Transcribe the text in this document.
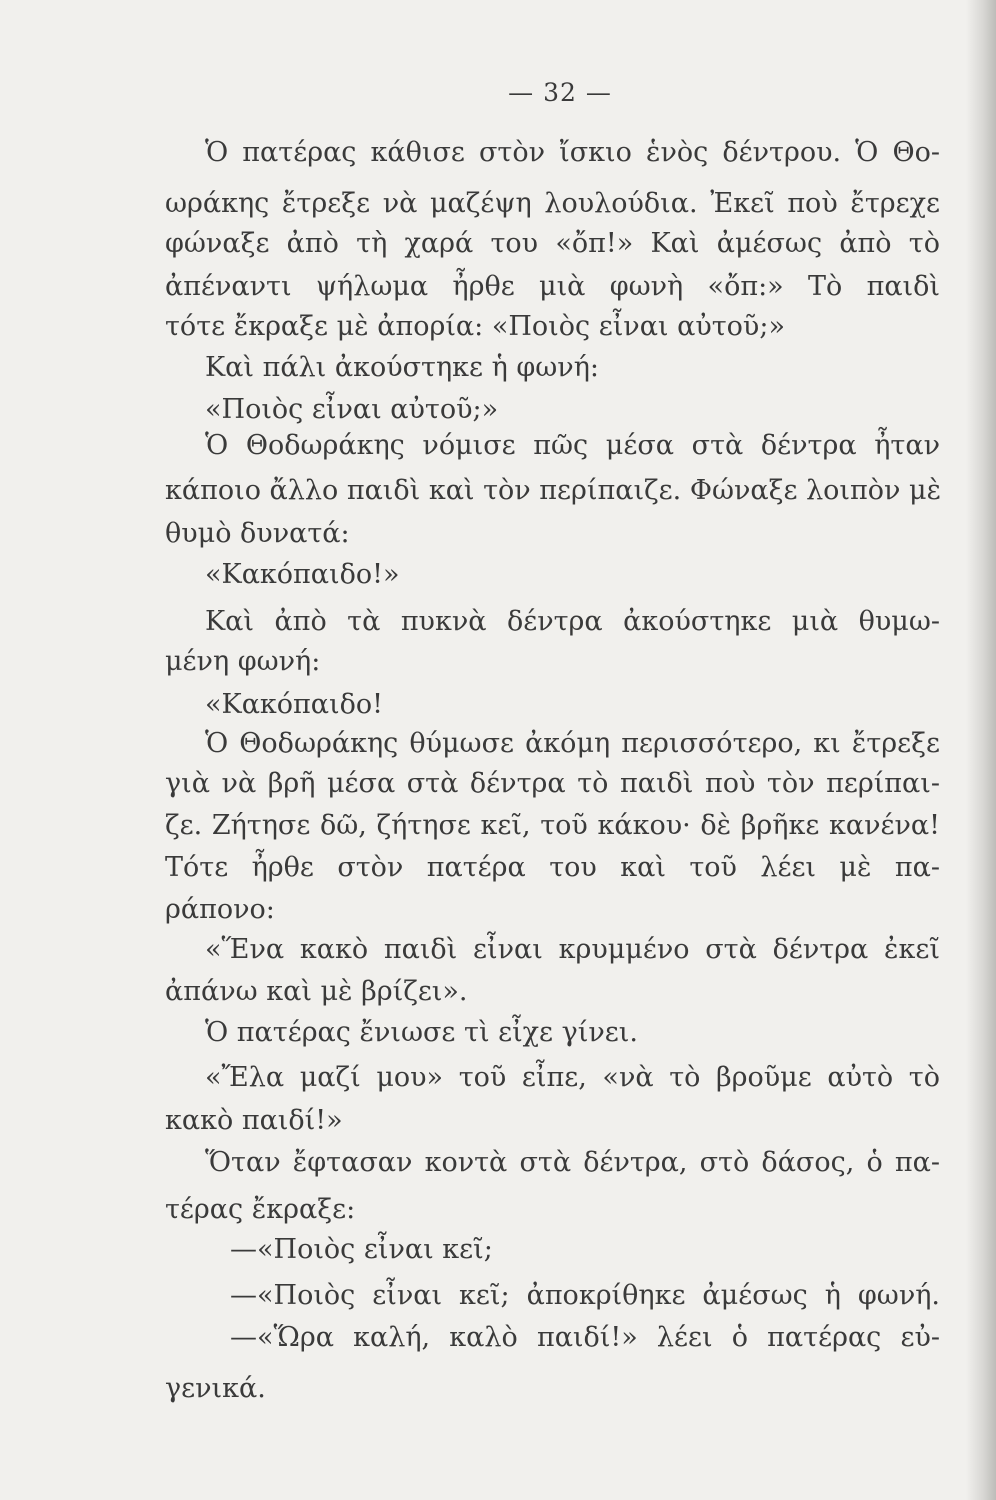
— 32 —
Ὁ πατέρας κάθισε στὸν ἴσκιο ἑνὸς δέντρου. Ὁ Θο-
ωράκης ἔτρεξε νὰ μαζέψη λουλούδια. Ἐκεῖ ποὺ ἔτρεχε
φώναξε ἀπὸ τὴ χαρά του «ὄπ!» Καὶ ἀμέσως ἀπὸ τὸ
ἀπέναντι ψήλωμα ἦρθε μιὰ φωνὴ «ὄπ:» Τὸ παιδὶ
τότε ἔκραξε μὲ ἀπορία: «Ποιὸς εἶναι αὐτοῦ;»
Καὶ πάλι ἀκούστηκε ἡ φωνή:
«Ποιὸς εἶναι αὐτοῦ;»
Ὁ Θοδωράκης νόμισε πῶς μέσα στὰ δέντρα ἦταν
κάποιο ἄλλο παιδὶ καὶ τὸν περίπαιζε. Φώναξε λοιπὸν μὲ
θυμὸ δυνατά:
«Κακόπαιδο!»
Καὶ ἀπὸ τὰ πυκνὰ δέντρα ἀκούστηκε μιὰ θυμω-
μένη φωνή:
«Κακόπαιδο!
Ὁ Θοδωράκης θύμωσε ἀκόμη περισσότερο, κι ἔτρεξε
γιὰ νὰ βρῆ μέσα στὰ δέντρα τὸ παιδὶ ποὺ τὸν περίπαι-
ζε. Ζήτησε δῶ, ζήτησε κεῖ, τοῦ κάκου· δὲ βρῆκε κανένα!
Τότε ἦρθε στὸν πατέρα του καὶ τοῦ λέει μὲ πα-
ράπονο:
«Ἕνα κακὸ παιδὶ εἶναι κρυμμένο στὰ δέντρα ἐκεῖ
ἀπάνω καὶ μὲ βρίζει».
Ὁ πατέρας ἔνιωσε τὶ εἶχε γίνει.
«Ἔλα μαζί μου» τοῦ εἶπε, «νὰ τὸ βροῦμε αὐτὸ τὸ
κακὸ παιδί!»
Ὅταν ἔφτασαν κοντὰ στὰ δέντρα, στὸ δάσος, ὁ πα-
τέρας ἔκραξε:
—«Ποιὸς εἶναι κεῖ;
—«Ποιὸς εἶναι κεῖ; ἀποκρίθηκε ἀμέσως ἡ φωνή.
—«Ὥρα καλή, καλὸ παιδί!» λέει ὁ πατέρας εὐ-
γενικά.
